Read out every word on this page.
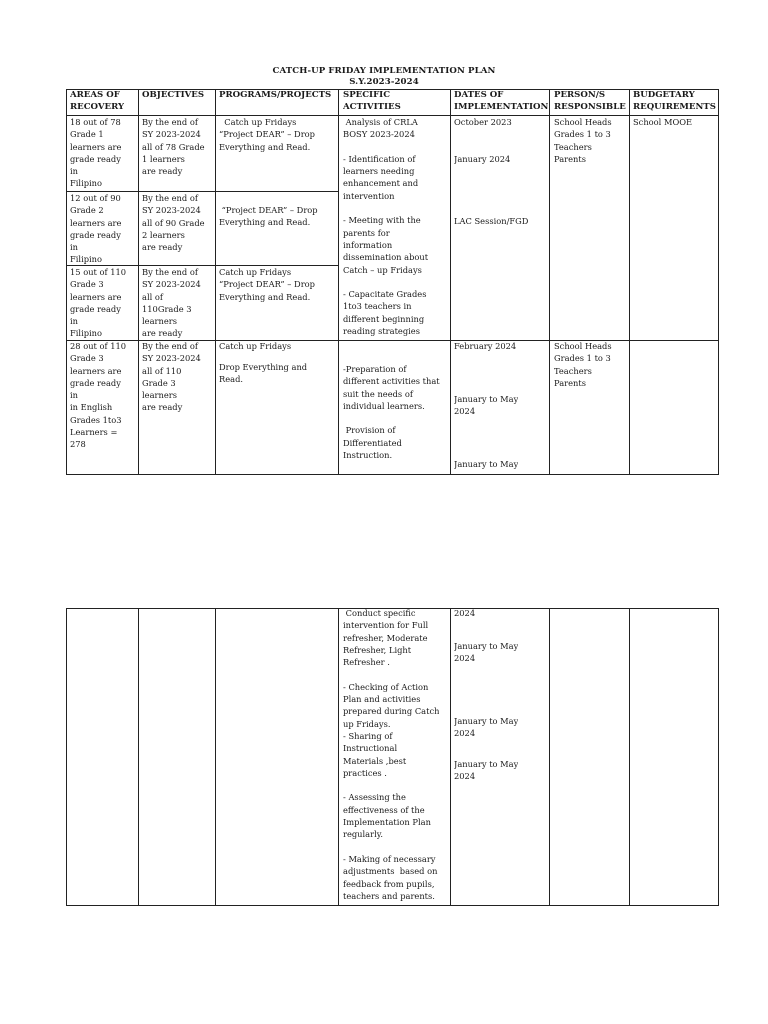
CATCH-UP FRIDAY IMPLEMENTATION PLAN
S.Y.2023-2024
AREAS OF
RECOVERY
OBJECTIVES PROGRAMS/PROJECTS SPECIFIC
ACTIVITIES
DATES OF
IMPLEMENTATION
PERSON/S
RESPONSIBLE
BUDGETARY
REQUIREMENTS
18 out of 78
Grade 1
learners are
grade ready
in
Filipino
By the end of
SY 2023-2024
all of 78 Grade
1 learners
are ready
Catch up Fridays
“Project DEAR” – Drop
Everything and Read.
12 out of 90
Grade 2
learners are
grade ready
in
Filipino
By the end of
SY 2023-2024
all of 90 Grade
2 learners
are ready
“Project DEAR” – Drop
Everything and Read.
15 out of 110
Grade 3
learners are
grade ready
in
Filipino
By the end of
SY 2023-2024
all of
110Grade 3
learners
are ready
Catch up Fridays
“Project DEAR” – Drop
Everything and Read.
28 out of 110
Grade 3
learners are
grade ready
in
in English
Grades 1to3
Learners =
278
By the end of
SY 2023-2024
all of 110
Grade 3
learners
are ready
Catch up Fridays
Drop Everything and
Read.
Analysis of CRLA
BOSY 2023-2024

- Identification of
learners needing
enhancement and
intervention

- Meeting with the
parents for
information
dissemination about
Catch – up Fridays

- Capacitate Grades
1to3 teachers in
different beginning
reading strategies
-Preparation of
different activities that
suit the needs of
individual learners.

Provision of
Differentiated
Instruction.
October 2023
January 2024
LAC Session/FGD
February 2024
January to May
2024
January to May
School Heads
Grades 1 to 3
Teachers
Parents
School Heads
Grades 1 to 3
Teachers
Parents
School MOOE
Conduct specific
intervention for Full
refresher, Moderate
Refresher, Light
Refresher .

- Checking of Action
Plan and activities
prepared during Catch
up Fridays.
- Sharing of
Instructional
Materials ,best
practices .

- Assessing the
effectiveness of the
Implementation Plan
regularly.

- Making of necessary
adjustments  based on
feedback from pupils,
teachers and parents.
2024
January to May
2024
January to May
2024
January to May
2024
